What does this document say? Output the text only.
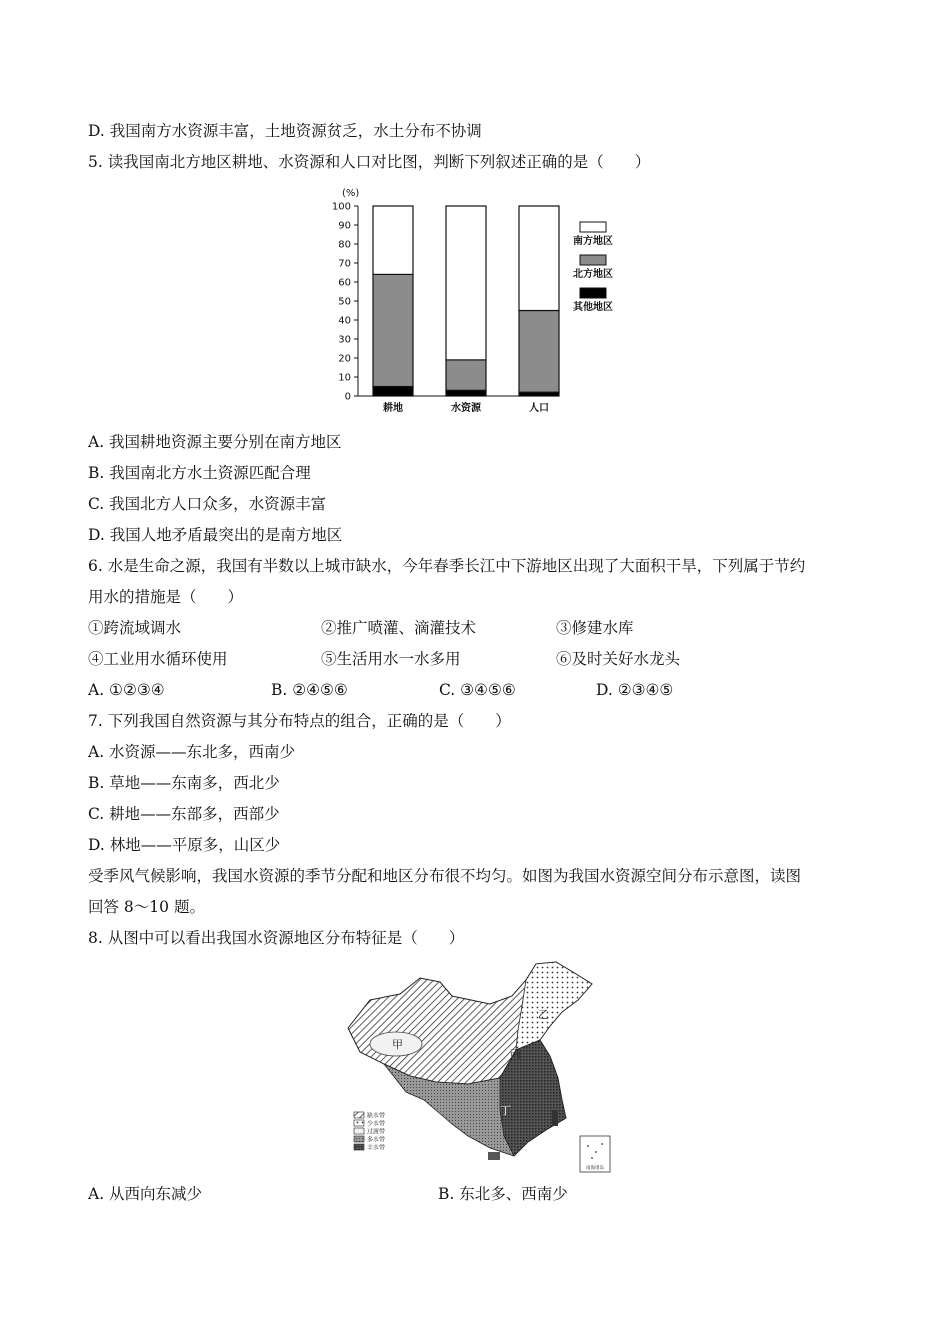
D. 我国南方水资源丰富，土地资源贫乏，水土分布不协调
5. 读我国南北方地区耕地、水资源和人口对比图，判断下列叙述正确的是（　　）
(%)
0
10
20
30
40
50
60
70
80
90
100
耕地	水资源	人口
南方地区
北方地区
其他地区
A. 我国耕地资源主要分别在南方地区
B. 我国南北方水土资源匹配合理
C. 我国北方人口众多，水资源丰富
D. 我国人地矛盾最突出的是南方地区
6. 水是生命之源，我国有半数以上城市缺水，今年春季长江中下游地区出现了大面积干旱，下列属于节约
用水的措施是（　　）
①跨流域调水	②推广喷灌、滴灌技术	③修建水库
④工业用水循环使用	⑤生活用水一水多用	⑥及时关好水龙头
A. ①②③④	B. ②④⑤⑥	C. ③④⑤⑥	D. ②③④⑤
7. 下列我国自然资源与其分布特点的组合，正确的是（　　）
A. 水资源——东北多，西南少
B. 草地——东南多，西北少
C. 耕地——东部多，西部少
D. 林地——平原多，山区少
受季风气候影响，我国水资源的季节分配和地区分布很不均匀。如图为我国水资源空间分布示意图，读图
回答 8～10 题。
8. 从图中可以看出我国水资源地区分布特征是（　　）
南海诸岛
甲
乙
丙
丁
缺水带
少水带
过渡带
多水带
丰水带
A. 从西向东减少	B. 东北多、西南少
